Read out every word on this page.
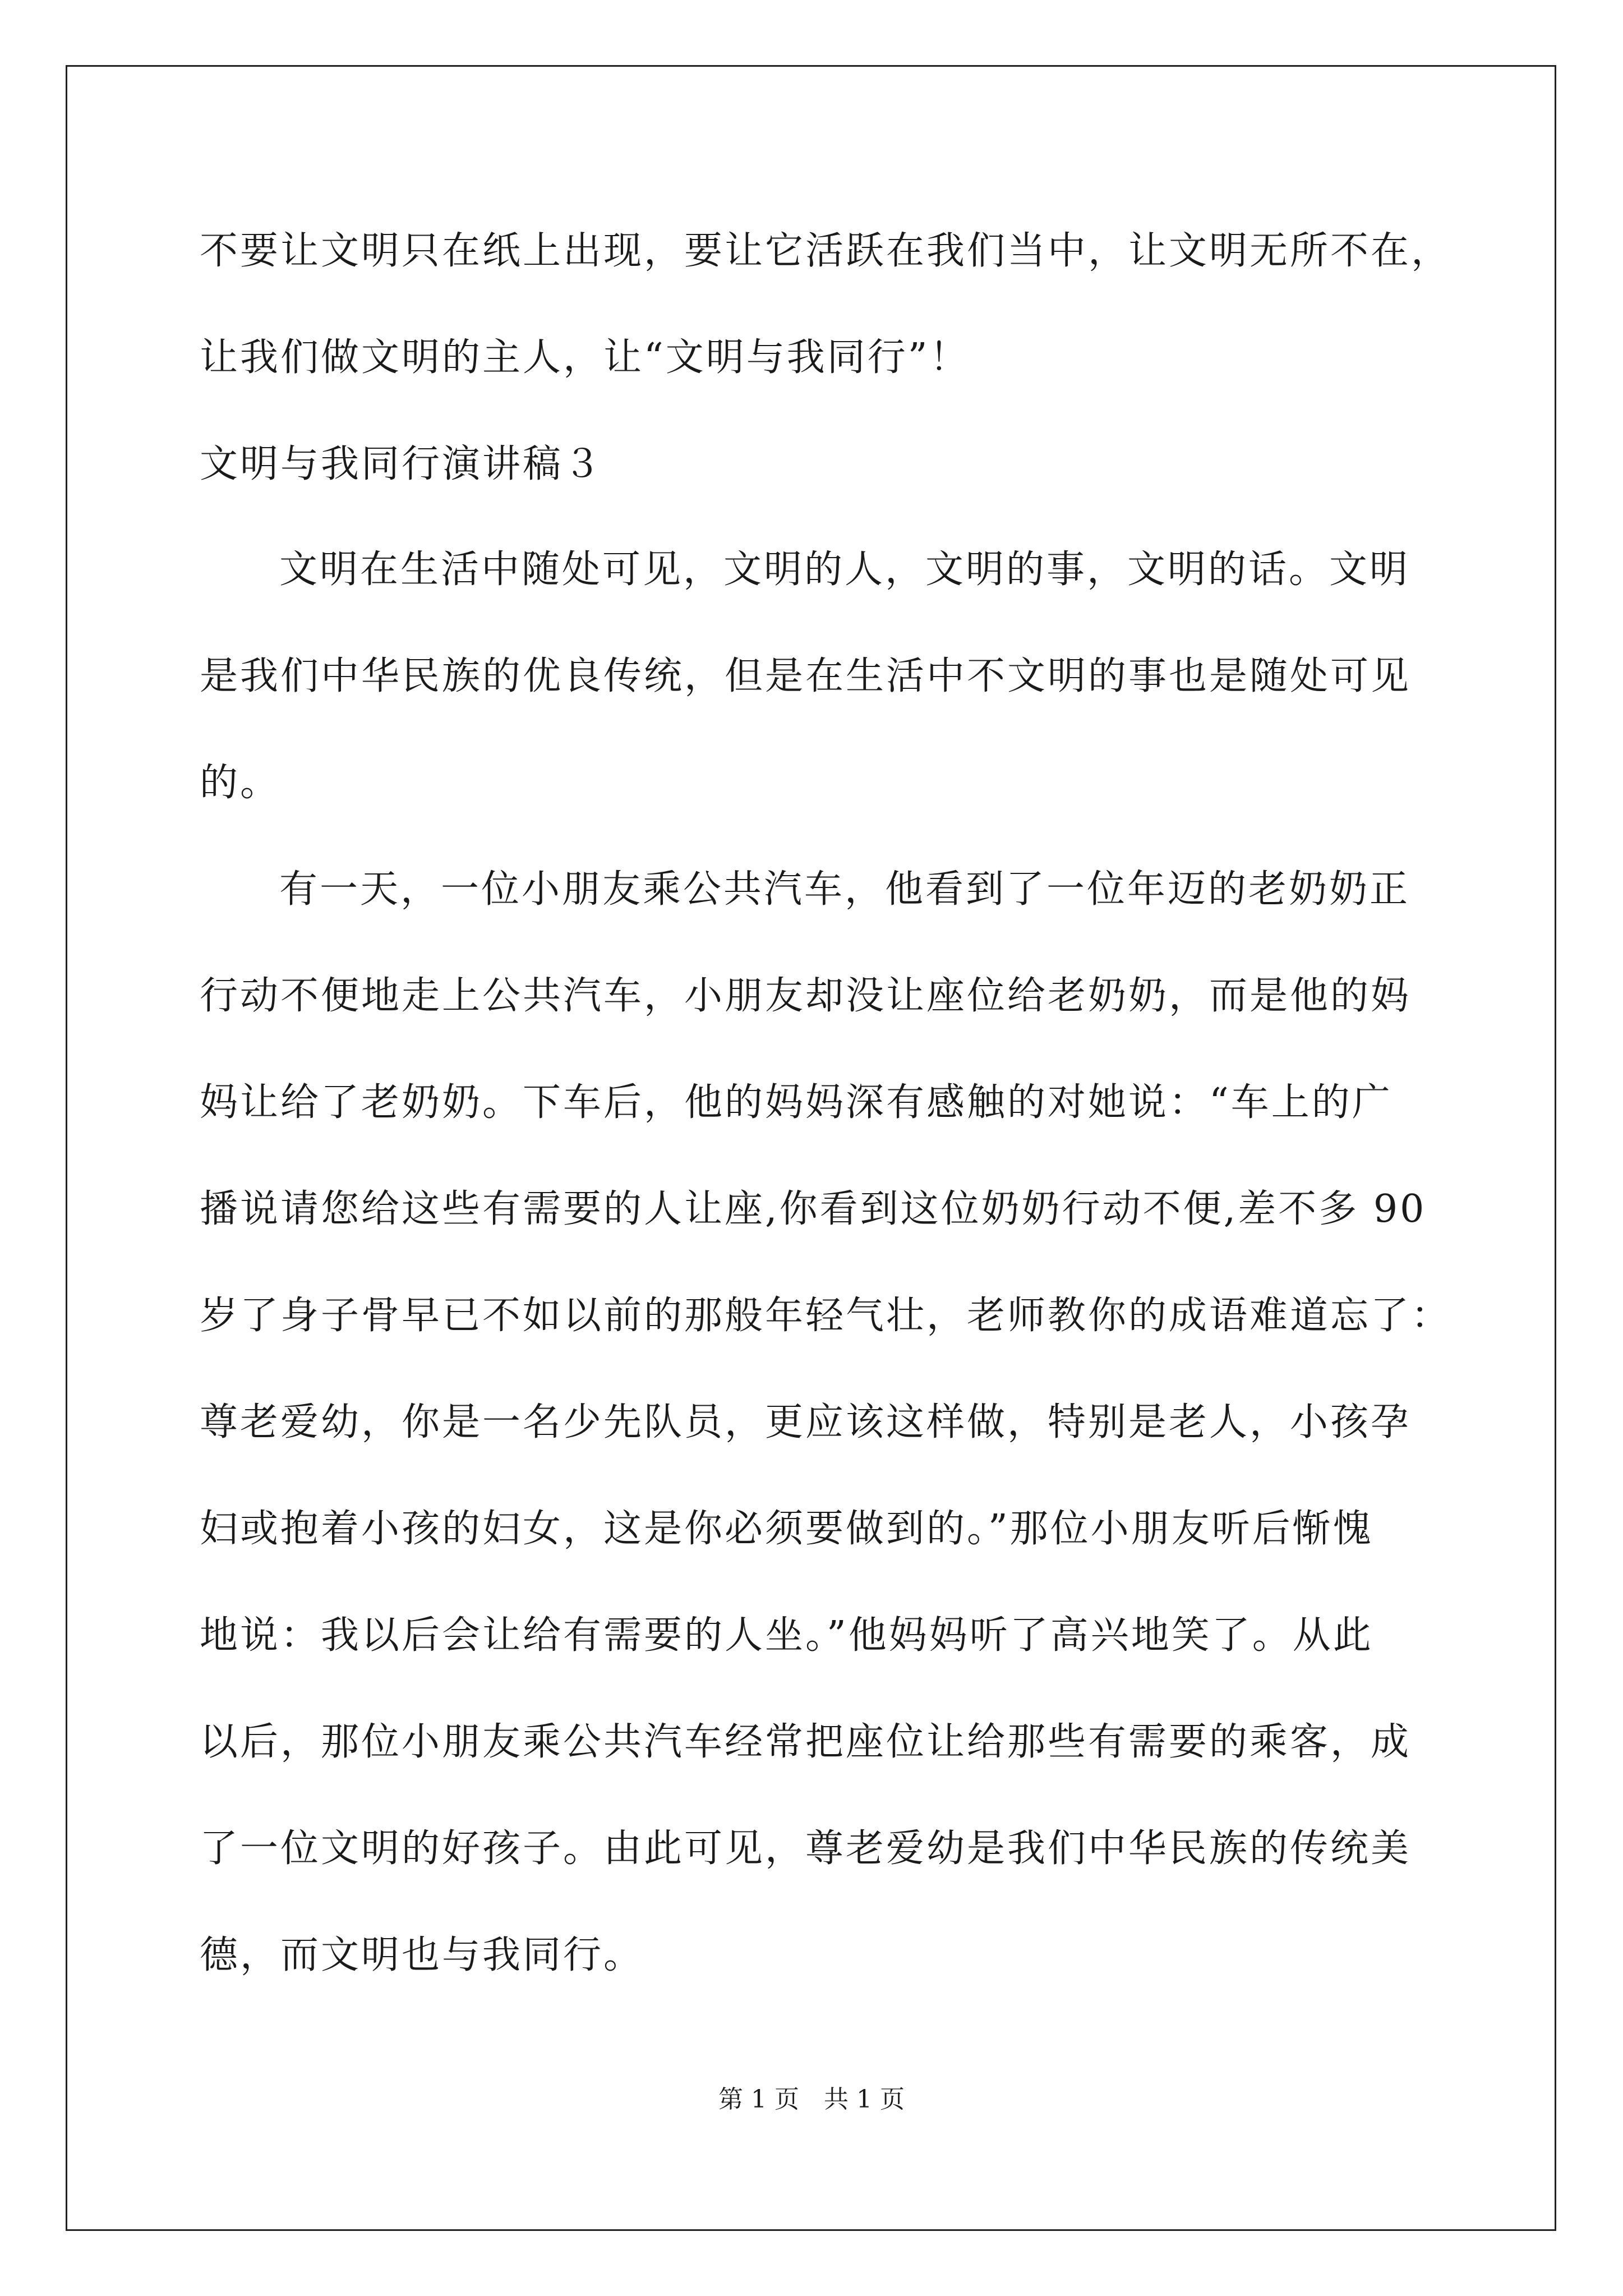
不要让文明只在纸上出现，要让它活跃在我们当中，让文明无所不在，
让我们做文明的主人，让“文明与我同行”！
文明与我同行演讲稿３
文明在生活中随处可见，文明的人，文明的事，文明的话。文明
是我们中华民族的优良传统，但是在生活中不文明的事也是随处可见
的。
有一天，一位小朋友乘公共汽车，他看到了一位年迈的老奶奶正
行动不便地走上公共汽车，小朋友却没让座位给老奶奶，而是他的妈
妈让给了老奶奶。下车后，他的妈妈深有感触的对她说：“车上的广
播说请您给这些有需要的人让座,你看到这位奶奶行动不便,差不多 90
岁了身子骨早已不如以前的那般年轻气壮，老师教你的成语难道忘了：
尊老爱幼，你是一名少先队员，更应该这样做，特别是老人，小孩孕
妇或抱着小孩的妇女，这是你必须要做到的。”那位小朋友听后惭愧
地说：我以后会让给有需要的人坐。”他妈妈听了高兴地笑了。从此
以后，那位小朋友乘公共汽车经常把座位让给那些有需要的乘客，成
了一位文明的好孩子。由此可见，尊老爱幼是我们中华民族的传统美
德，而文明也与我同行。
第 1 页　共 1 页
